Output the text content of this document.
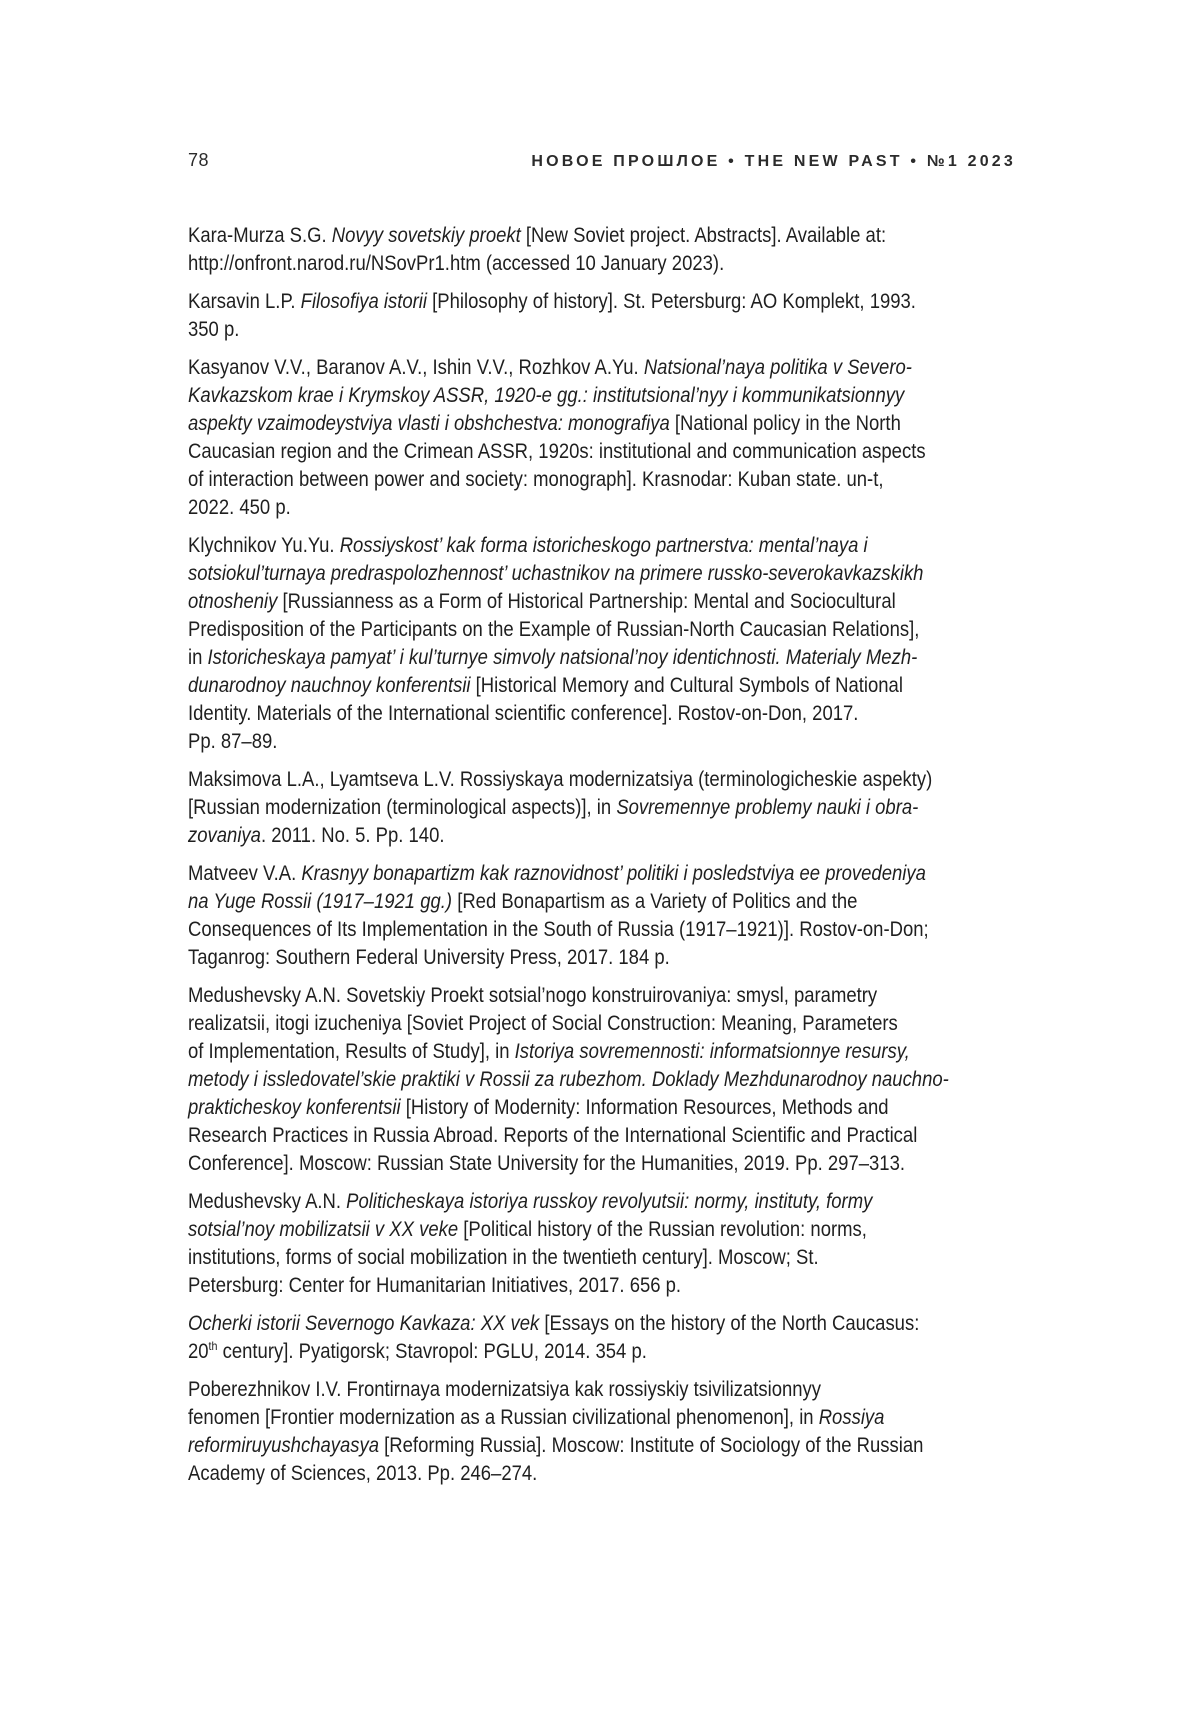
78	НОВОЕ ПРОШЛОЕ • THE NEW PAST • №1 2023
Kara-Murza S.G. Novyy sovetskiy proekt [New Soviet project. Abstracts]. Available at:
http://onfront.narod.ru/NSovPr1.htm (accessed 10 January 2023).
Karsavin L.P. Filosofiya istorii [Philosophy of history]. St. Petersburg: AO Komplekt, 1993.
350 p.
Kasyanov V.V., Baranov A.V., Ishin V.V., Rozhkov A.Yu. Natsional’naya politika v Severo-
Kavkazskom krae i Krymskoy ASSR, 1920-e gg.: institutsional’nyy i kommunikatsionnyy
aspekty vzaimodeystviya vlasti i obshchestva: monografiya [National policy in the North
Caucasian region and the Crimean ASSR, 1920s: institutional and communication aspects
of interaction between power and society: monograph]. Krasnodar: Kuban state. un-t,
2022. 450 p.
Klychnikov Yu.Yu. Rossiyskost’ kak forma istoricheskogo partnerstva: mental’naya i
sotsiokul’turnaya predraspolozhennost’ uchastnikov na primere russko-severokavkazskikh
otnosheniy [Russianness as a Form of Historical Partnership: Mental and Sociocultural
Predisposition of the Participants on the Example of Russian-North Caucasian Relations],
in Istoricheskaya pamyat’ i kul’turnye simvoly natsional’noy identichnosti. Materialy Mezh-
dunarodnoy nauchnoy konferentsii [Historical Memory and Cultural Symbols of National
Identity. Materials of the International scientific conference]. Rostov-on-Don, 2017.
Pp. 87–89.
Maksimova L.A., Lyamtseva L.V. Rossiyskaya modernizatsiya (terminologicheskie aspekty)
[Russian modernization (terminological aspects)], in Sovremennye problemy nauki i obra-
zovaniya. 2011. No. 5. Pp. 140.
Matveev V.A. Krasnyy bonapartizm kak raznovidnost’ politiki i posledstviya ee provedeniya
na Yuge Rossii (1917–1921 gg.) [Red Bonapartism as a Variety of Politics and the
Consequences of Its Implementation in the South of Russia (1917–1921)]. Rostov-on-Don;
Taganrog: Southern Federal University Press, 2017. 184 p.
Medushevsky A.N. Sovetskiy Proekt sotsial’nogo konstruirovaniya: smysl, parametry
realizatsii, itogi izucheniya [Soviet Project of Social Construction: Meaning, Parameters
of Implementation, Results of Study], in Istoriya sovremennosti: informatsionnye resursy,
metody i issledovatel’skie praktiki v Rossii za rubezhom. Doklady Mezhdunarodnoy nauchno-
prakticheskoy konferentsii [History of Modernity: Information Resources, Methods and
Research Practices in Russia Abroad. Reports of the International Scientific and Practical
Conference]. Moscow: Russian State University for the Humanities, 2019. Pp. 297–313.
Medushevsky A.N. Politicheskaya istoriya russkoy revolyutsii: normy, instituty, formy
sotsial’noy mobilizatsii v XX veke [Political history of the Russian revolution: norms,
institutions, forms of social mobilization in the twentieth century]. Moscow; St.
Petersburg: Center for Humanitarian Initiatives, 2017. 656 p.
Ocherki istorii Severnogo Kavkaza: XX vek [Essays on the history of the North Caucasus:
20th century]. Pyatigorsk; Stavropol: PGLU, 2014. 354 p.
Poberezhnikov I.V. Frontirnaya modernizatsiya kak rossiyskiy tsivilizatsionnyy
fenomen [Frontier modernization as a Russian civilizational phenomenon], in Rossiya
reformiruyushchayasya [Reforming Russia]. Moscow: Institute of Sociology of the Russian
Academy of Sciences, 2013. Pp. 246–274.
